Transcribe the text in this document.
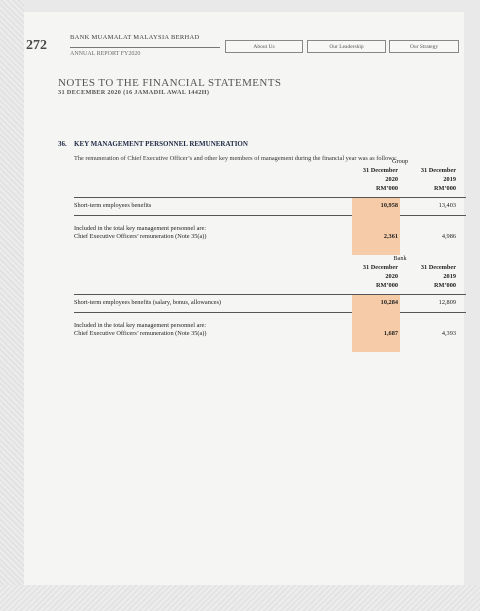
272
BANK MUAMALAT MALAYSIA BERHAD
ANNUAL REPORT FY2020
About Us	Our Leadership	Our Strategy
NOTES TO THE FINANCIAL STATEMENTS
31 DECEMBER 2020 (16 JAMADIL AWAL 1442H)
36. KEY MANAGEMENT PERSONNEL REMUNERATION
The remuneration of Chief Executive Officer’s and other key members of management during the financial year was as follows:
Group
31 December
2020
RM’000
31 December
2019
RM’000
Short-term employees benefits	10,958	13,403
Included in the total key management personnel are:
Chief Executive Officers’ remuneration (Note 35(a))	2,361	4,986
Bank
31 December
2020
RM’000
31 December
2019
RM’000
Short-term employees benefits (salary, bonus, allowances)	10,284	12,809
Included in the total key management personnel are:
Chief Executive Officers’ remuneration (Note 35(a))	1,687	4,393
